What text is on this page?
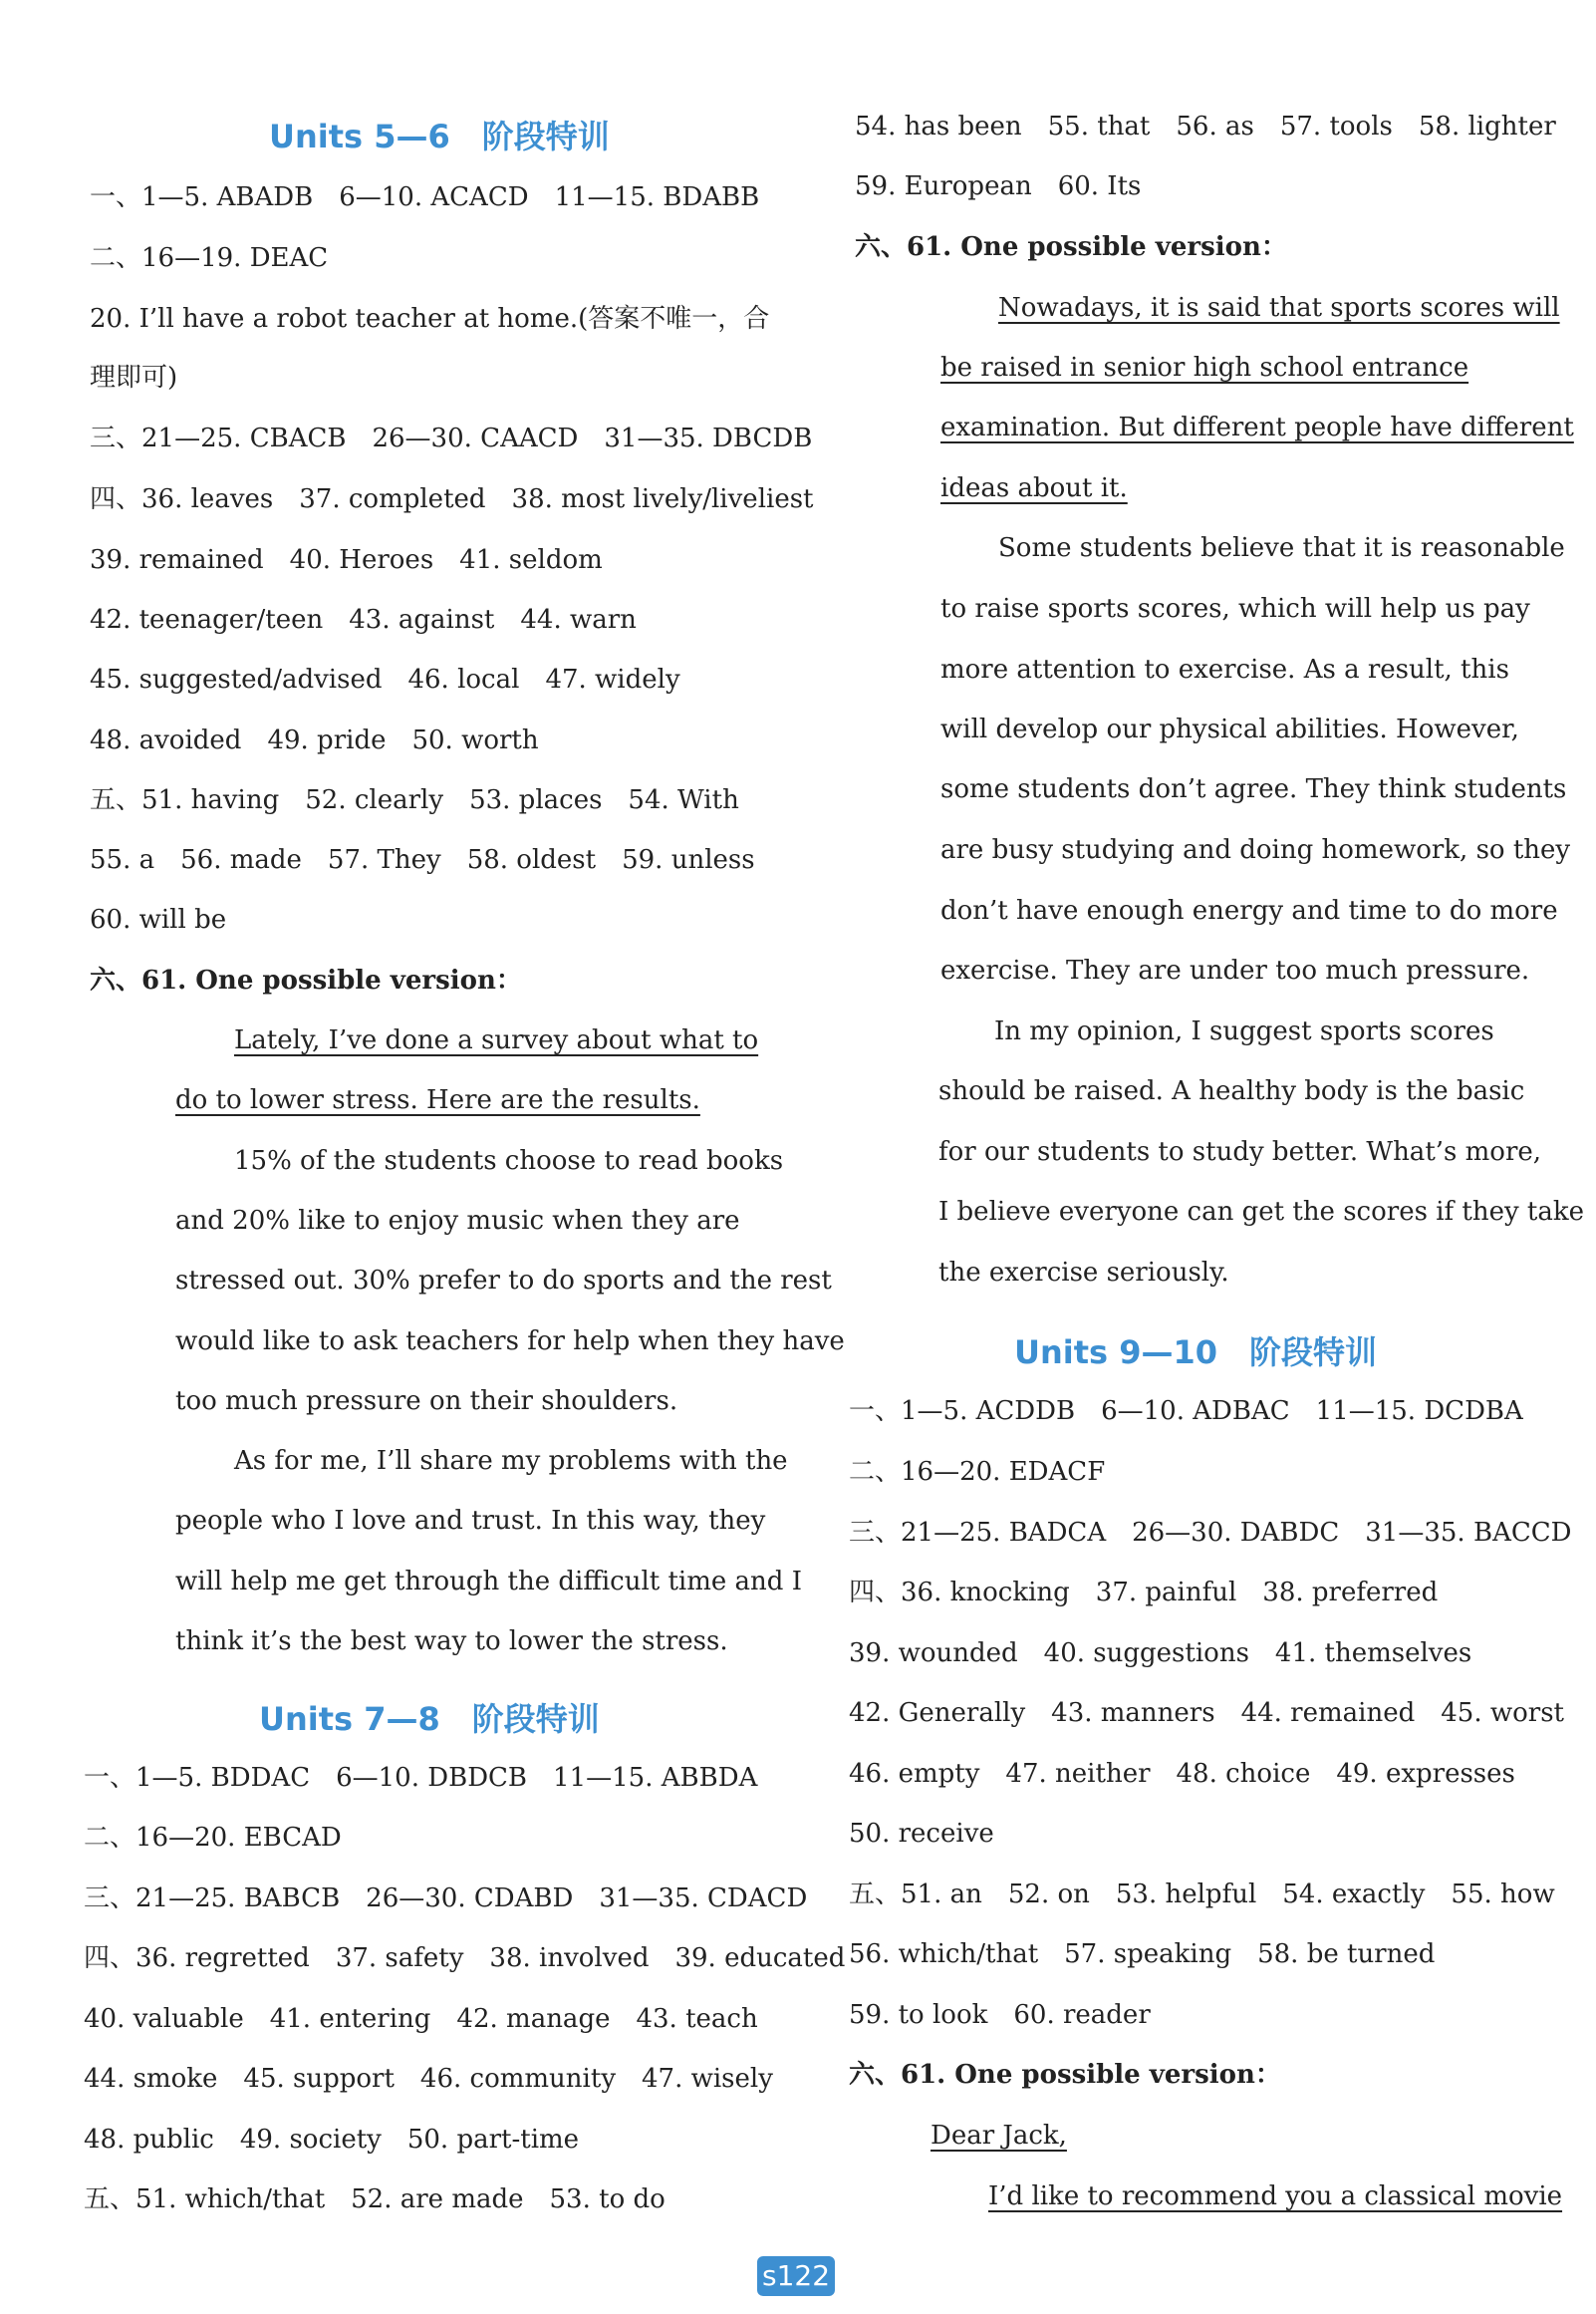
Units 5—6　阶段特训
一、1—5. ABADB　6—10. ACACD　11—15. BDABB
二、16—19. DEAC
20. I’ll have a robot teacher at home.(答案不唯一，合
理即可)
三、21—25. CBACB　26—30. CAACD　31—35. DBCDB
四、36. leaves　37. completed　38. most lively/liveliest
39. remained　40. Heroes　41. seldom
42. teenager/teen　43. against　44. warn
45. suggested/advised　46. local　47. widely
48. avoided　49. pride　50. worth
五、51. having　52. clearly　53. places　54. With
55. a　56. made　57. They　58. oldest　59. unless
60. will be
六、61. One possible version：
Lately, I’ve done a survey about what to
do to lower stress. Here are the results.
15% of the students choose to read books
and 20% like to enjoy music when they are
stressed out. 30% prefer to do sports and the rest
would like to ask teachers for help when they have
too much pressure on their shoulders.
As for me, I’ll share my problems with the
people who I love and trust. In this way, they
will help me get through the difficult time and I
think it’s the best way to lower the stress.
Units 7—8　阶段特训
一、1—5. BDDAC　6—10. DBDCB　11—15. ABBDA
二、16—20. EBCAD
三、21—25. BABCB　26—30. CDABD　31—35. CDACD
四、36. regretted　37. safety　38. involved　39. educated
40. valuable　41. entering　42. manage　43. teach
44. smoke　45. support　46. community　47. wisely
48. public　49. society　50. part-time
五、51. which/that　52. are made　53. to do
54. has been　55. that　56. as　57. tools　58. lighter
59. European　60. Its
六、61. One possible version：
Nowadays, it is said that sports scores will
be raised in senior high school entrance
examination. But different people have different
ideas about it.
Some students believe that it is reasonable
to raise sports scores, which will help us pay
more attention to exercise. As a result, this
will develop our physical abilities. However,
some students don’t agree. They think students
are busy studying and doing homework, so they
don’t have enough energy and time to do more
exercise. They are under too much pressure.
In my opinion, I suggest sports scores
should be raised. A healthy body is the basic
for our students to study better. What’s more,
I believe everyone can get the scores if they take
the exercise seriously.
Units 9—10　阶段特训
一、1—5. ACDDB　6—10. ADBAC　11—15. DCDBA
二、16—20. EDACF
三、21—25. BADCA　26—30. DABDC　31—35. BACCD
四、36. knocking　37. painful　38. preferred
39. wounded　40. suggestions　41. themselves
42. Generally　43. manners　44. remained　45. worst
46. empty　47. neither　48. choice　49. expresses
50. receive
五、51. an　52. on　53. helpful　54. exactly　55. how
56. which/that　57. speaking　58. be turned
59. to look　60. reader
六、61. One possible version：
Dear Jack,
I’d like to recommend you a classical movie
s122
